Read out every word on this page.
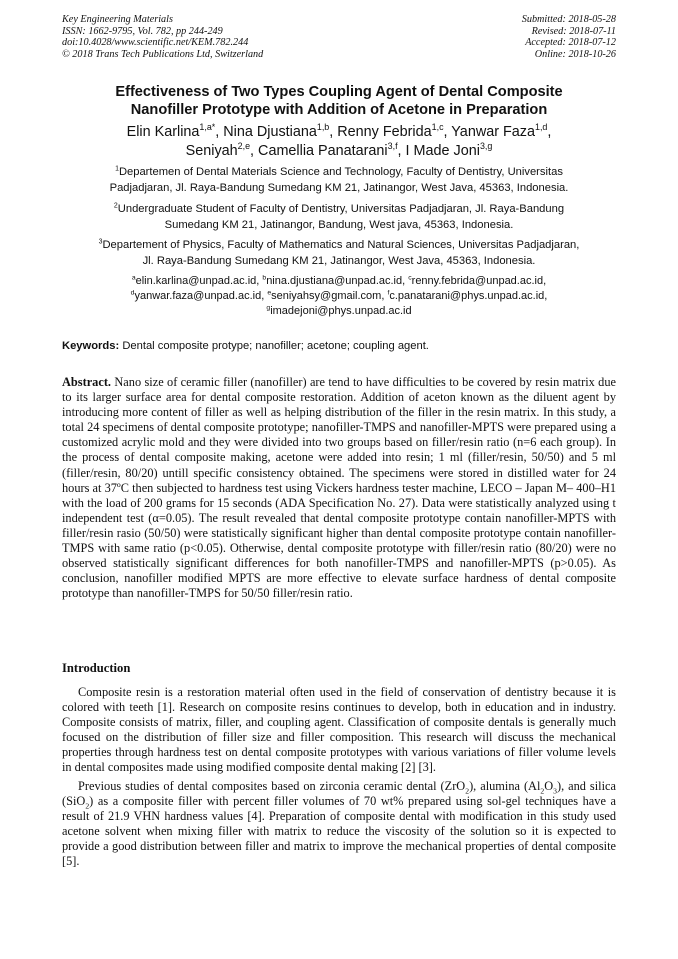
Key Engineering Materials
ISSN: 1662-9795, Vol. 782, pp 244-249
doi:10.4028/www.scientific.net/KEM.782.244
© 2018 Trans Tech Publications Ltd, Switzerland
Submitted: 2018-05-28
Revised: 2018-07-11
Accepted: 2018-07-12
Online: 2018-10-26
Effectiveness of Two Types Coupling Agent of Dental Composite
Nanofiller Prototype with Addition of Acetone in Preparation
Elin Karlina$^{1,a*}$, Nina Djustiana$^{1,b}$, Renny Febrida$^{1,c}$, Yanwar Faza$^{1,d}$,
Seniyah$^{2,e}$, Camellia Panatarani$^{3,f}$, I Made Joni$^{3,g}$
$^1$Departemen of Dental Materials Science and Technology, Faculty of Dentistry, Universitas
Padjadjaran, Jl. Raya-Bandung Sumedang KM 21, Jatinangor, West Java, 45363, Indonesia.
$^2$Undergraduate Student of Faculty of Dentistry, Universitas Padjadjaran, Jl. Raya-Bandung
Sumedang KM 21, Jatinangor, Bandung, West java, 45363, Indonesia.
$^3$Departement of Physics, Faculty of Mathematics and Natural Sciences, Universitas Padjadjaran,
Jl. Raya-Bandung Sumedang KM 21, Jatinangor, West Java, 45363, Indonesia.
$^a$elin.karlina@unpad.ac.id, $^b$nina.djustiana@unpad.ac.id, $^c$renny.febrida@unpad.ac.id,
$^d$yanwar.faza@unpad.ac.id, $^e$seniyahsy@gmail.com, $^f$c.panatarani@phys.unpad.ac.id,
$^g$imadejoni@phys.unpad.ac.id
Keywords: Dental composite protype; nanofiller; acetone; coupling agent.
Abstract. Nano size of ceramic filler (nanofiller) are tend to have difficulties to be covered by resin matrix due to its larger surface area for dental composite restoration. Addition of aceton known as the diluent agent by introducing more content of filler as well as helping distribution of the filler in the resin matrix. In this study, a total 24 specimens of dental composite prototype; nanofiller-TMPS and nanofiller-MPTS were prepared using a customized acrylic mold and they were divided into two groups based on filler/resin ratio (n=6 each group). In the process of dental composite making, acetone were added into resin; 1 ml (filler/resin, 50/50) and 5 ml (filler/resin, 80/20) untill specific consistency obtained. The specimens were stored in distilled water for 24 hours at 37ºC then subjected to hardness test using Vickers hardness tester machine, LECO – Japan M– 400–H1 with the load of 200 grams for 15 seconds (ADA Specification No. 27). Data were statistically analyzed using t independent test (α=0.05). The result revealed that dental composite prototype contain nanofiller-MPTS with filler/resin rasio (50/50) were statistically significant higher than dental composite prototype contain nanofiller-TMPS with same ratio (p<0.05). Otherwise, dental composite prototype with filler/resin ratio (80/20) were no observed statistically significant differences for both nanofiller-TMPS and nanofiller-MPTS (p>0.05). As conclusion, nanofiller modified MPTS are more effective to elevate surface hardness of dental composite prototype than nanofiller-TMPS for 50/50 filler/resin ratio.
Introduction

Composite resin is a restoration material often used in the field of conservation of dentistry because it is colored with teeth [1]. Research on composite resins continues to develop, both in education and in industry. Composite consists of matrix, filler, and coupling agent. Classification of composite dentals is generally much focused on the distribution of filler size and filler composition. This research will discuss the mechanical properties through hardness test on dental composite prototypes with various variations of filler volume levels in dental composites made using modified composite dental making [2] [3].

Previous studies of dental composites based on zirconia ceramic dental (ZrO$_2$), alumina $(Al_2O_3)$, and silica (SiO$_2$) as a composite filler with percent filler volumes of 70 wt% prepared using sol-gel techniques have a result of 21.9 VHN hardness values [4]. Preparation of composite dental with modification in this study used acetone solvent when mixing filler with matrix to reduce the viscosity of the solution so it is expected to provide a good distribution between filler and matrix to improve the mechanical properties of dental composite [5].
